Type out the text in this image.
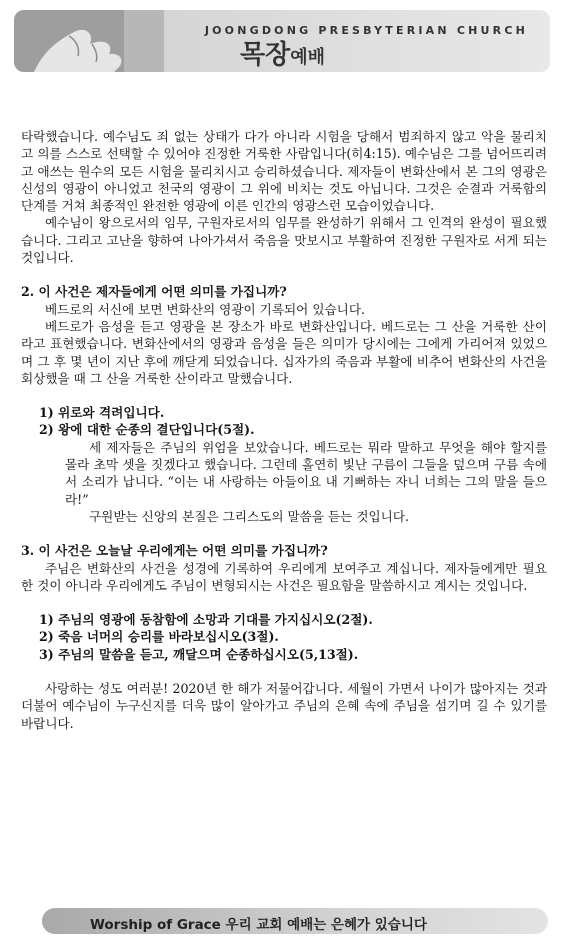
JOONGDONG PRESBYTERIAN CHURCH
목장예배

타락했습니다. 예수님도 죄 없는 상태가 다가 아니라 시험을 당해서 범죄하지 않고 악을 물리치고 의를 스스로 선택할 수 있어야 진정한 거룩한 사람입니다(히4:15). 예수님은 그를 넘어뜨리려고 애쓰는 원수의 모든 시험을 물리치시고 승리하셨습니다. 제자들이 변화산에서 본 그의 영광은 신성의 영광이 아니었고 천국의 영광이 그 위에 비치는 것도 아닙니다. 그것은 순결과 거룩함의 단계를 거쳐 최종적인 완전한 영광에 이른 인간의 영광스런 모습이었습니다.

예수님이 왕으로서의 임무, 구원자로서의 임무를 완성하기 위해서 그 인격의 완성이 필요했습니다. 그리고 고난을 향하여 나아가셔서 죽음을 맛보시고 부활하여 진정한 구원자로 서게 되는 것입니다.

2. 이 사건은 제자들에게 어떤 의미를 가집니까?

베드로의 서신에 보면 변화산의 영광이 기록되어 있습니다.

베드로가 음성을 듣고 영광을 본 장소가 바로 변화산입니다. 베드로는 그 산을 거룩한 산이라고 표현했습니다. 변화산에서의 영광과 음성을 들은 의미가 당시에는 그에게 가리어져 있었으며 그 후 몇 년이 지난 후에 깨닫게 되었습니다. 십자가의 죽음과 부활에 비추어 변화산의 사건을 회상했을 때 그 산을 거룩한 산이라고 말했습니다.

1) 위로와 격려입니다.

2) 왕에 대한 순종의 결단입니다(5절).

세 제자들은 주님의 위엄을 보았습니다. 베드로는 뭐라 말하고 무엇을 해야 할지를 몰라 초막 셋을 짓겠다고 했습니다. 그런데 홀연히 빛난 구름이 그들을 덮으며 구름 속에서 소리가 납니다. “이는 내 사랑하는 아들이요 내 기뻐하는 자니 너희는 그의 말을 들으라!”

구원받는 신앙의 본질은 그리스도의 말씀을 듣는 것입니다.

3. 이 사건은 오늘날 우리에게는 어떤 의미를 가집니까?

주님은 변화산의 사건을 성경에 기록하여 우리에게 보여주고 계십니다. 제자들에게만 필요한 것이 아니라 우리에게도 주님이 변형되시는 사건은 필요함을 말씀하시고 계시는 것입니다.

1) 주님의 영광에 동참함에 소망과 기대를 가지십시오(2절).

2) 죽음 너머의 승리를 바라보십시오(3절).

3) 주님의 말씀을 듣고, 깨달으며 순종하십시오(5,13절).

사랑하는 성도 여러분! 2020년 한 해가 저물어갑니다. 세월이 가면서 나이가 많아지는 것과 더불어 예수님이 누구신지를 더욱 많이 알아가고 주님의 은혜 속에 주님을 섬기며 길 수 있기를 바랍니다.

Worship of Grace 우리 교회 예배는 은혜가 있습니다
